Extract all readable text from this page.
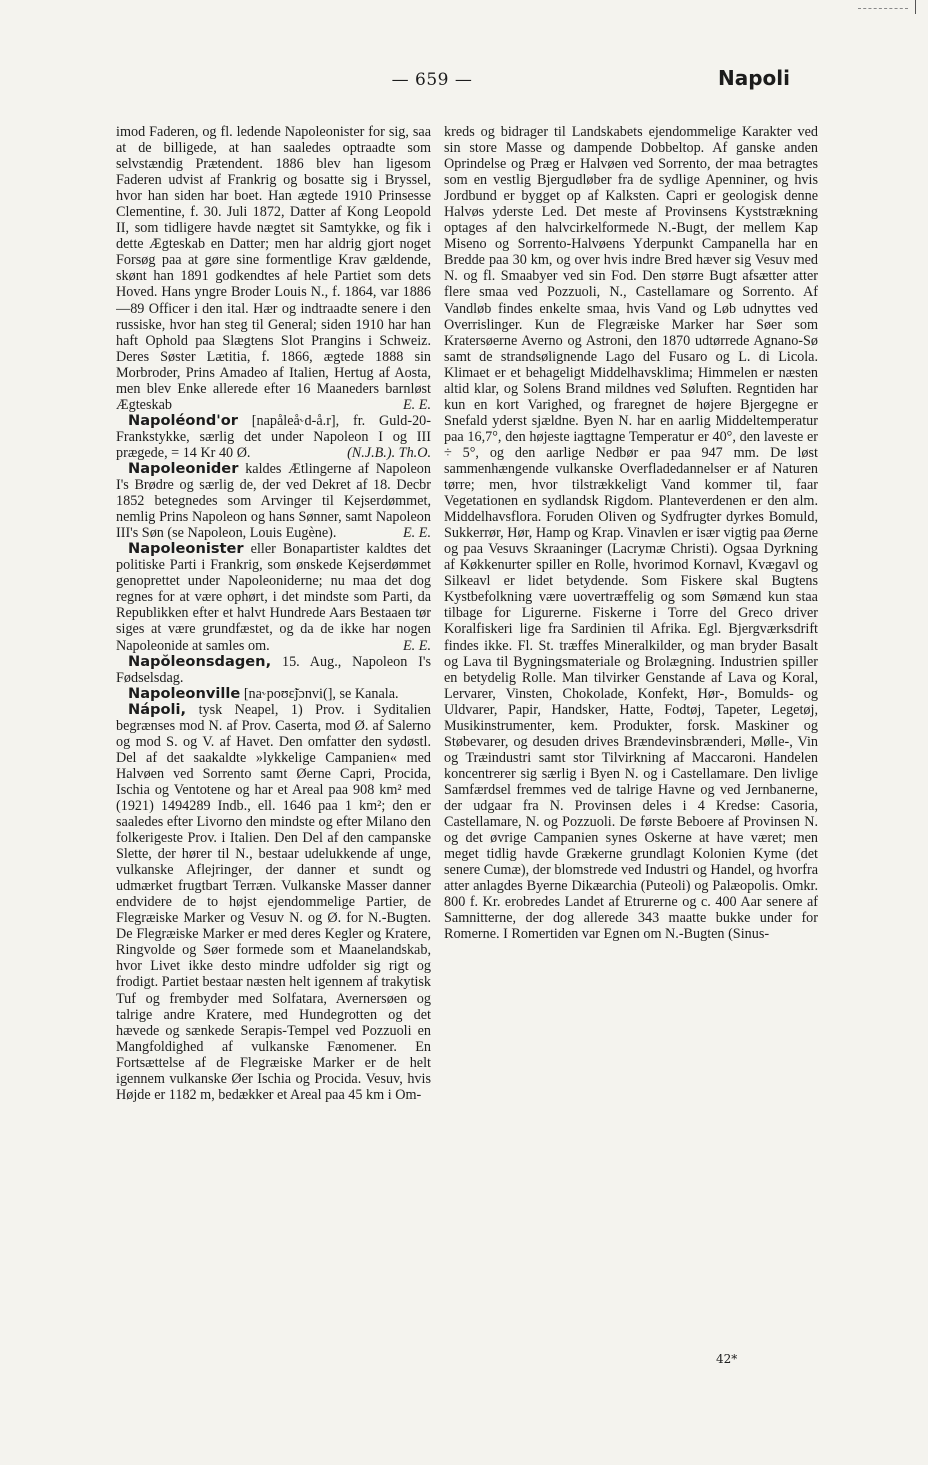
— 659 —	Napoli

imod Faderen, og fl. ledende Napoleonister for sig, saa at de billigede, at han saaledes optraadte som selvstændig Prætendent. 1886 blev han ligesom Faderen udvist af Frankrig og bosatte sig i Bryssel, hvor han siden har boet. Han ægtede 1910 Prinsesse Clementine, f. 30. Juli 1872, Datter af Kong Leopold II, som tidligere havde nægtet sit Samtykke, og fik i dette Ægteskab en Datter; men har aldrig gjort noget Forsøg paa at gøre sine formentlige Krav gældende, skønt han 1891 godkendtes af hele Partiet som dets Hoved. Hans yngre Broder Louis N., f. 1864, var 1886—89 Officer i den ital. Hær og indtraadte senere i den russiske, hvor han steg til General; siden 1910 har han haft Ophold paa Slægtens Slot Prangins i Schweiz. Deres Søster Lætitia, f. 1866, ægtede 1888 sin Morbroder, Prins Amadeo af Italien, Hertug af Aosta, men blev Enke allerede efter 16 Maaneders barnløst Ægteskab	E. E.

Napoléond'or [napåleå˞d-å.r], fr. Guld-20-Frankstykke, særlig det under Napoleon I og III prægede, = 14 Kr 40 Ø.	(N.J.B.). Th.O.

Napoleonider kaldes Ætlingerne af Napoleon I's Brødre og særlig de, der ved Dekret af 18. Decbr 1852 betegnedes som Arvinger til Kejserdømmet, nemlig Prins Napoleon og hans Sønner, samt Napoleon III's Søn (se Napoleon, Louis Eugène).	E. E.

Napoleonister eller Bonapartister kaldtes det politiske Parti i Frankrig, som ønskede Kejserdømmet genoprettet under Napoleoniderne; nu maa det dog regnes for at være ophørt, i det mindste som Parti, da Republikken efter et halvt Hundrede Aars Bestaaen tør siges at være grundfæstet, og da de ikke har nogen Napoleonide at samles om.	E. E.

Napŏleonsdagen, 15. Aug., Napoleon I's Fødselsdag.

Napoleonville [na˞poʊɛ̃jɔnvi(], se Kanala.

Nápoli, tysk Neapel, 1) Prov. i Syditalien begrænses mod N. af Prov. Caserta, mod Ø. af Salerno og mod S. og V. af Havet. Den omfatter den sydøstl. Del af det saakaldte »lykkelige Campanien« med Halvøen ved Sorrento samt Øerne Capri, Procida, Ischia og Ventotene og har et Areal paa 908 km² med (1921) 1494289 Indb., ell. 1646 paa 1 km²; den er saaledes efter Livorno den mindste og efter Milano den folkerigeste Prov. i Italien. Den Del af den campanske Slette, der hører til N., bestaar udelukkende af unge, vulkanske Aflejringer, der danner et sundt og udmærket frugtbart Terræn. Vulkanske Masser danner endvidere de to højst ejendommelige Partier, de Flegræiske Marker og Vesuv N. og Ø. for N.-Bugten. De Flegræiske Marker er med deres Kegler og Kratere, Ringvolde og Søer formede som et Maanelandskab, hvor Livet ikke desto mindre udfolder sig rigt og frodigt. Partiet bestaar næsten helt igennem af trakytisk Tuf og frembyder med Solfatara, Avernersøen og talrige andre Kratere, med Hundegrotten og det hævede og sænkede Serapis-Tempel ved Pozzuoli en Mangfoldighed af vulkanske Fænomener. En Fortsættelse af de Flegræiske Marker er de helt igennem vulkanske Øer Ischia og Procida. Vesuv, hvis Højde er 1182 m, bedækker et Areal paa 45 km i Om-

kreds og bidrager til Landskabets ejendommelige Karakter ved sin store Masse og dampende Dobbeltop. Af ganske anden Oprindelse og Præg er Halvøen ved Sorrento, der maa betragtes som en vestlig Bjergudløber fra de sydlige Apenniner, og hvis Jordbund er bygget op af Kalksten. Capri er geologisk denne Halvøs yderste Led. Det meste af Provinsens Kyststrækning optages af den halvcirkelformede N.-Bugt, der mellem Kap Miseno og Sorrento-Halvøens Yderpunkt Campanella har en Bredde paa 30 km, og over hvis indre Bred hæver sig Vesuv med N. og fl. Smaabyer ved sin Fod. Den større Bugt afsætter atter flere smaa ved Pozzuoli, N., Castellamare og Sorrento. Af Vandløb findes enkelte smaa, hvis Vand og Løb udnyttes ved Overrislinger. Kun de Flegræiske Marker har Søer som Kratersøerne Averno og Astroni, den 1870 udtørrede Agnano-Sø samt de strandsølignende Lago del Fusaro og L. di Licola. Klimaet er et behageligt Middelhavsklima; Himmelen er næsten altid klar, og Solens Brand mildnes ved Søluften. Regntiden har kun en kort Varighed, og fraregnet de højere Bjergegne er Snefald yderst sjældne. Byen N. har en aarlig Middeltemperatur paa 16,7°, den højeste iagttagne Temperatur er 40°, den laveste er ÷ 5°, og den aarlige Nedbør er paa 947 mm. De løst sammenhængende vulkanske Overfladedannelser er af Naturen tørre; men, hvor tilstrækkeligt Vand kommer til, faar Vegetationen en sydlandsk Rigdom. Planteverdenen er den alm. Middelhavsflora. Foruden Oliven og Sydfrugter dyrkes Bomuld, Sukkerrør, Hør, Hamp og Krap. Vinavlen er især vigtig paa Øerne og paa Vesuvs Skraaninger (Lacrymæ Christi). Ogsaa Dyrkning af Køkkenurter spiller en Rolle, hvorimod Kornavl, Kvægavl og Silkeavl er lidet betydende. Som Fiskere skal Bugtens Kystbefolkning være uovertræffelig og som Sømænd kun staa tilbage for Ligurerne. Fiskerne i Torre del Greco driver Koralfiskeri lige fra Sardinien til Afrika. Egl. Bjergværksdrift findes ikke. Fl. St. træffes Mineralkilder, og man bryder Basalt og Lava til Bygningsmateriale og Brolægning. Industrien spiller en betydelig Rolle. Man tilvirker Genstande af Lava og Koral, Lervarer, Vinsten, Chokolade, Konfekt, Hør-, Bomulds- og Uldvarer, Papir, Handsker, Hatte, Fodtøj, Tapeter, Legetøj, Musikinstrumenter, kem. Produkter, forsk. Maskiner og Støbevarer, og desuden drives Brændevinsbrænderi, Mølle-, Vin og Træindustri samt stor Tilvirkning af Maccaroni. Handelen koncentrerer sig særlig i Byen N. og i Castellamare. Den livlige Samfærdsel fremmes ved de talrige Havne og ved Jernbanerne, der udgaar fra N. Provinsen deles i 4 Kredse: Casoria, Castellamare, N. og Pozzuoli. De første Beboere af Provinsen N. og det øvrige Campanien synes Oskerne at have været; men meget tidlig havde Grækerne grundlagt Kolonien Kyme (det senere Cumæ), der blomstrede ved Industri og Handel, og hvorfra atter anlagdes Byerne Dikæarchia (Puteoli) og Palæopolis. Omkr. 800 f. Kr. erobredes Landet af Etrurerne og c. 400 Aar senere af Samnitterne, der dog allerede 343 maatte bukke under for Romerne. I Romertiden var Egnen om N.-Bugten (Sinus-

42*
